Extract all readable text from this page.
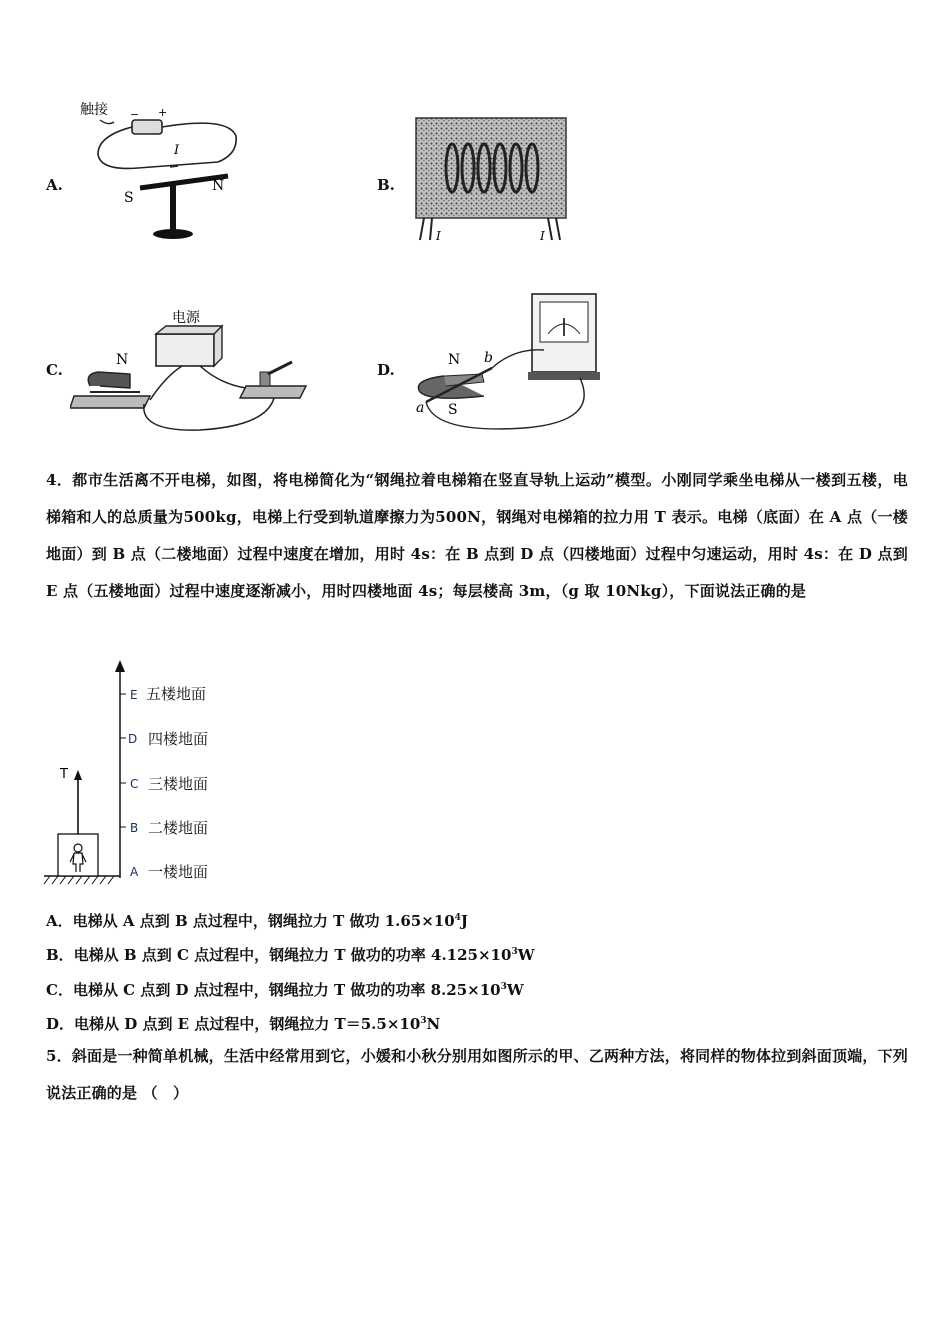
A.
触接 − +
I
S
N	B.
I	I
C.
电源
N
D.
N
S
a
b
4．都市生活离不开电梯，如图，将电梯简化为“钢绳拉着电梯箱在竖直导轨上运动”模型。小刚同学乘坐电梯从一楼到五楼，电梯箱和人的总质量为500kg，电梯上行受到轨道摩擦力为500N，钢绳对电梯箱的拉力用 T 表示。电梯（底面）在 A 点（一楼地面）到 B 点（二楼地面）过程中速度在增加，用时 4s：在 B 点到 D 点（四楼地面）过程中匀速运动，用时 4s：在 D 点到 E 点（五楼地面）过程中速度逐渐减小，用时四楼地面 4s；每层楼高 3m，（g 取 10Nkg），下面说法正确的是
T
E
D
C
B
A
五楼地面
四楼地面
三楼地面
二楼地面
一楼地面
A．电梯从 A 点到 B 点过程中，钢绳拉力 T 做功 $1.65\times 10^4J$
B．电梯从 B 点到 C 点过程中，钢绳拉力 T 做功的功率 $4.125\times 10^3W$
C．电梯从 C 点到 D 点过程中，钢绳拉力 T 做功的功率 $8.25\times 10^3W$
D．电梯从 D 点到 E 点过程中，钢绳拉力 $T=5.5\times 10^3N$
5．斜面是一种简单机械，生活中经常用到它，小媛和小秋分别用如图所示的甲、乙两种方法，将同样的物体拉到斜面顶端，下列说法正确的是 （　）
